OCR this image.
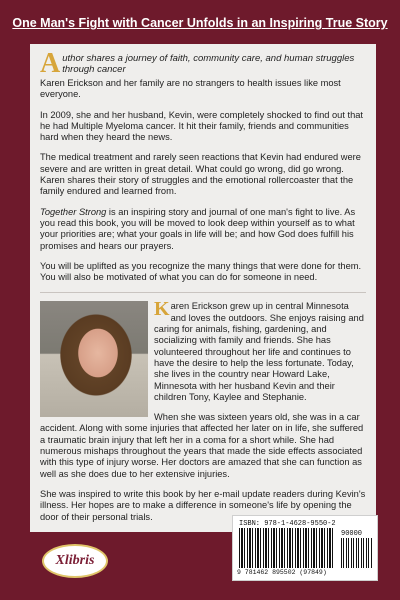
One Man's Fight with Cancer Unfolds in an Inspiring True Story
A uthor shares a journey of faith, community care, and human struggles through cancer

Karen Erickson and her family are no strangers to health issues like most everyone.

In 2009, she and her husband, Kevin, were completely shocked to find out that he had Multiple Myeloma cancer. It hit their family, friends and communities hard when they heard the news.

The medical treatment and rarely seen reactions that Kevin had endured were severe and are written in great detail. What could go wrong, did go wrong.

Karen shares their story of struggles and the emotional rollercoaster that the family endured and learned from.

Together Strong is an inspiring story and journal of one man's fight to live. As you read this book, you will be moved to look deep within yourself as to what your priorities are; what your goals in life will be; and how God does fulfill his promises and hears our prayers.

You will be uplifted as you recognize the many things that were done for them. You will also be motivated of what you can do for someone in need.

Karen Erickson grew up in central Minnesota and loves the outdoors. She enjoys raising and caring for animals, fishing, gardening, and socializing with family and friends. She has volunteered throughout her life and continues to have the desire to help the less fortunate. Today, she lives in the country near Howard Lake, Minnesota with her husband Kevin and their children Tony, Kaylee and Stephanie.

When she was sixteen years old, she was in a car accident. Along with some injuries that affected her later on in life, she suffered a traumatic brain injury that left her in a coma for a short while. She had numerous mishaps throughout the years that made the side effects associated with this type of injury worse. Her doctors are amazed that she can function as well as she does due to her extensive injuries.

She was inspired to write this book by her e-mail update readers during Kevin's illness. Her hopes are to make a difference in someone's life by opening the door of their personal trials.

ISBN: 978-1-4628-9550-2
90000
9 781462 895502 (97849)
Xlibris
